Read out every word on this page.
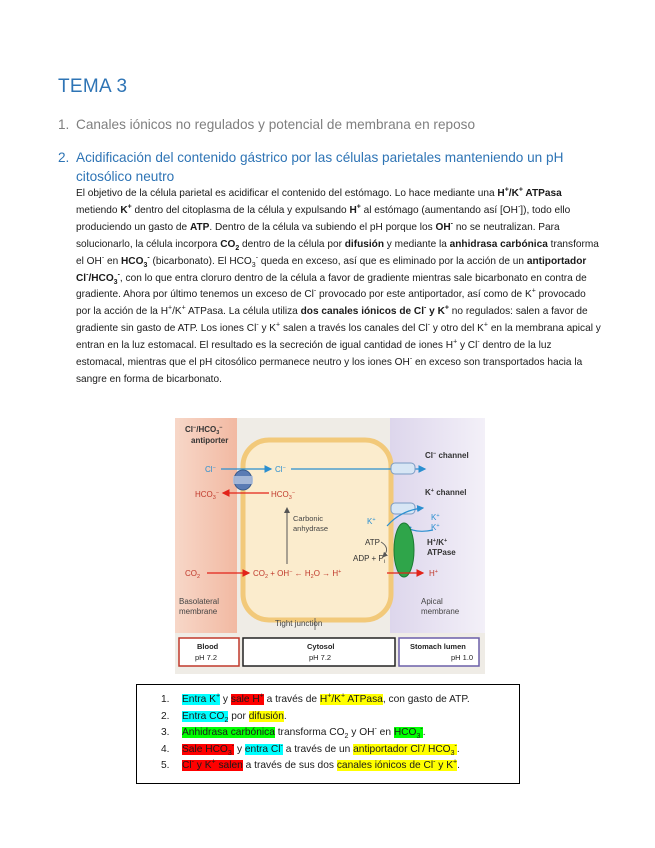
TEMA 3
1. Canales iónicos no regulados y potencial de membrana en reposo
2. Acidificación del contenido gástrico por las células parietales manteniendo un pH citosólico neutro
El objetivo de la célula parietal es acidificar el contenido del estómago. Lo hace mediante una H+/K+ ATPasa metiendo K+ dentro del citoplasma de la célula y expulsando H+ al estómago (aumentando así [OH-]), todo ello produciendo un gasto de ATP. Dentro de la célula va subiendo el pH porque los OH- no se neutralizan. Para solucionarlo, la célula incorpora $CO_2$ dentro de la célula por difusión y mediante la anhidrasa carbónica transforma el OH- en $HCO_3^-$ (bicarbonato). El $HCO_3^-$ queda en exceso, así que es eliminado por la acción de un antiportador $Cl^-/HCO_3^-$, con lo que entra cloruro dentro de la célula a favor de gradiente mientras sale bicarbonato en contra de gradiente. Ahora por último tenemos un exceso de Cl- provocado por este antiportador, así como de K+ provocado por la acción de la H+/K+ ATPasa. La célula utiliza dos canales iónicos de Cl- y K+ no regulados: salen a favor de gradiente sin gasto de ATP. Los iones Cl- y K+ salen a través los canales del Cl- y otro del K+ en la membrana apical y entran en la luz estomacal. El resultado es la secreción de igual cantidad de iones H+ y Cl- dentro de la luz estomacal, mientras que el pH citosólico permanece neutro y los iones OH- en exceso son transportados hacia la sangre en forma de bicarbonato.
$Cl^-/HCO_3^-$
antiporter
Cl−	Cl−
$HCO_3^-$	$HCO_3^-$
Cl− channel
K+ channel
K+	K+
K+
H+/K+
ATPase
ATP
ADP + $P_i$
Carbonic
anhydrase
$CO_2$	$CO_2 + OH^-$ ← $H_2O \to H^+$	H+
Basolateral
membrane
Apical
membrane
Tight junction
Blood
pH 7.2
Cytosol
pH 7.2
Stomach lumen
pH 1.0
1. Entra K+ y sale H+ a través de H+/K+ ATPasa, con gasto de ATP.
2. Entra $CO_2$ por difusión.
3. Anhidrasa carbónica transforma $CO_2$ y OH- en $HCO_3^-$.
4. Sale $HCO_3^-$ y entra Cl- a través de un antiportador Cl-/ $HCO_3^-$.
5. Cl- y K+ salen a través de sus dos canales iónicos de Cl- y K+.
